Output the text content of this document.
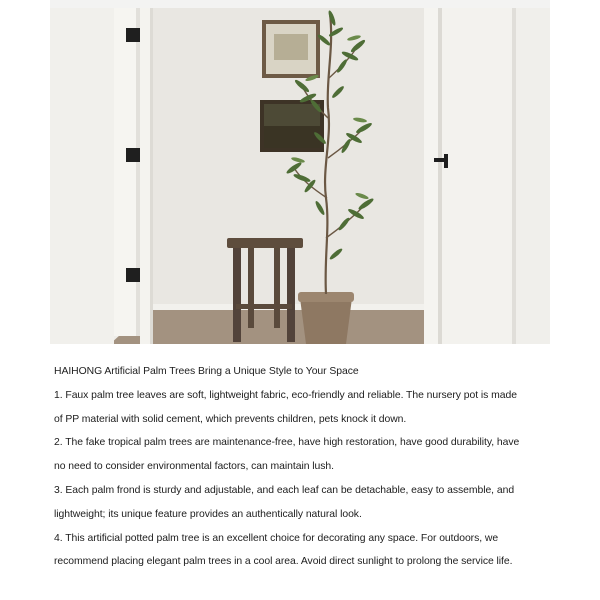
HAIHONG Artificial Palm Trees Bring a Unique Style to Your Space
1. Faux palm tree leaves are soft, lightweight fabric, eco-friendly and reliable. The nursery pot is made
of PP material with solid cement, which prevents children, pets knock it down.
2. The fake tropical palm trees are maintenance-free, have high restoration, have good durability, have
no need to consider environmental factors, can maintain lush.
3. Each palm frond is sturdy and adjustable, and each leaf can be detachable, easy to assemble, and
lightweight; its unique feature provides an authentically natural look.
4. This artificial potted palm tree is an excellent choice for decorating any space. For outdoors, we
recommend placing elegant palm trees in a cool area. Avoid direct sunlight to prolong the service life.
